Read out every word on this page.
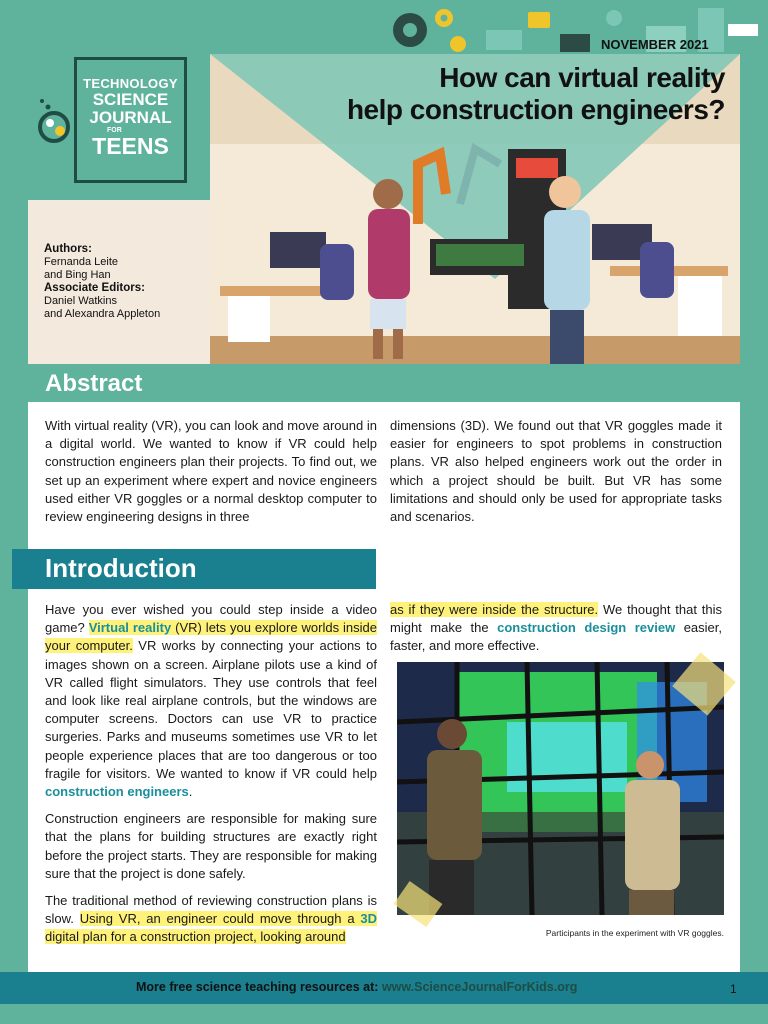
Authors:
Fernanda Leite
and Bing Han
Associate Editors:
Daniel Watkins
and Alexandra Appleton
TECHNOLOGY
SCIENCE
JOURNAL
FOR
TEENS
NOVEMBER 2021
How can virtual reality
help construction engineers?
Abstract
With virtual reality (VR), you can look and move around in a digital world. We wanted to know if VR could help construction engineers plan their projects. To find out, we set up an experiment where expert and novice engineers used either VR goggles or a normal desktop computer to review engineering designs in three
dimensions (3D). We found out that VR goggles made it easier for engineers to spot problems in construction plans. VR also helped engineers work out the order in which a project should be built. But VR has some limitations and should only be used for appropriate tasks and scenarios.
Introduction

Have you ever wished you could step inside a video game? Virtual reality (VR) lets you explore worlds inside your computer. VR works by connecting your actions to images shown on a screen. Airplane pilots use a kind of VR called flight simulators. They use controls that feel and look like real airplane controls, but the windows are computer screens. Doctors can use VR to practice surgeries. Parks and museums sometimes use VR to let people experience places that are too dangerous or too fragile for visitors. We wanted to know if VR could help construction engineers.

Construction engineers are responsible for making sure that the plans for building structures are exactly right before the project starts. They are responsible for making sure that the project is done safely.

The traditional method of reviewing construction plans is slow. Using VR, an engineer could move through a 3D digital plan for a construction project, looking around

as if they were inside the structure. We thought that this might make the construction design review easier, faster, and more effective.

Participants in the experiment with VR goggles.
More free science teaching resources at: www.ScienceJournalForKids.org	1
